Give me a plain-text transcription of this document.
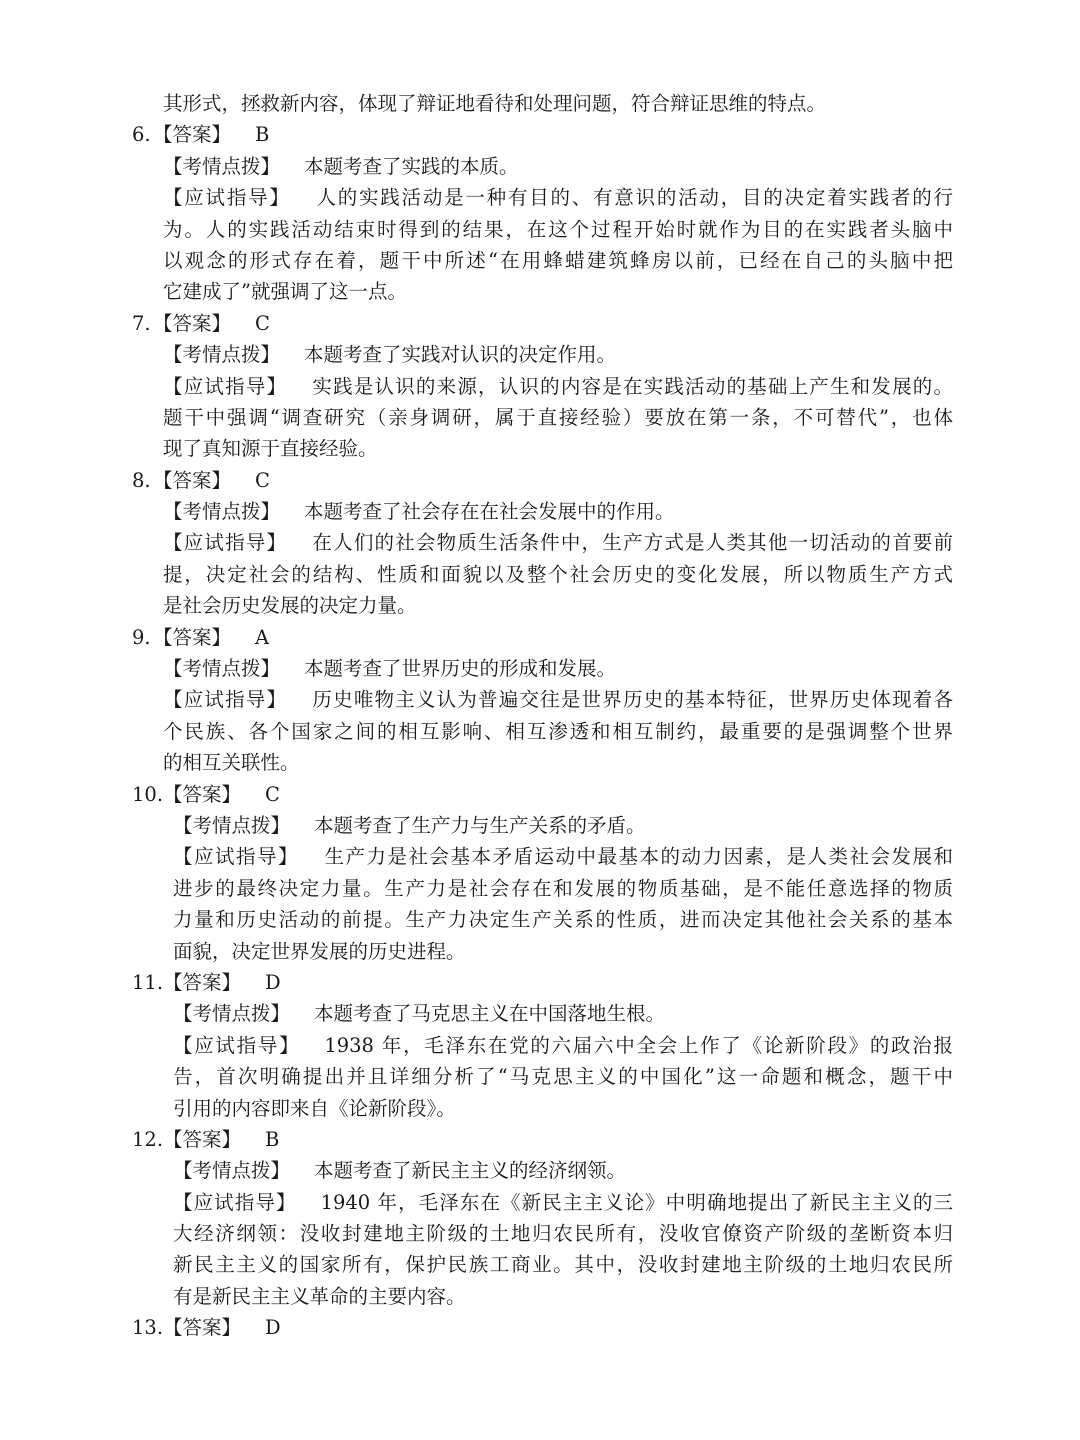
其形式，拯救新内容，体现了辩证地看待和处理问题，符合辩证思维的特点。
6. 【答案】 B
【考情点拨】 本题考查了实践的本质。
【应试指导】 人的实践活动是一种有目的、有意识的活动，目的决定着实践者的行
为。人的实践活动结束时得到的结果，在这个过程开始时就作为目的在实践者头脑中
以观念的形式存在着，题干中所述“在用蜂蜡建筑蜂房以前，已经在自己的头脑中把
它建成了”就强调了这一点。
7. 【答案】 C
【考情点拨】 本题考查了实践对认识的决定作用。
【应试指导】 实践是认识的来源，认识的内容是在实践活动的基础上产生和发展的。
题干中强调“调查研究（亲身调研，属于直接经验）要放在第一条，不可替代”，也体
现了真知源于直接经验。
8. 【答案】 C
【考情点拨】 本题考查了社会存在在社会发展中的作用。
【应试指导】 在人们的社会物质生活条件中，生产方式是人类其他一切活动的首要前
提，决定社会的结构、性质和面貌以及整个社会历史的变化发展，所以物质生产方式
是社会历史发展的决定力量。
9. 【答案】 A
【考情点拨】 本题考查了世界历史的形成和发展。
【应试指导】 历史唯物主义认为普遍交往是世界历史的基本特征，世界历史体现着各
个民族、各个国家之间的相互影响、相互渗透和相互制约，最重要的是强调整个世界
的相互关联性。
10.【答案】 C
【考情点拨】 本题考查了生产力与生产关系的矛盾。
【应试指导】 生产力是社会基本矛盾运动中最基本的动力因素，是人类社会发展和
进步的最终决定力量。生产力是社会存在和发展的物质基础，是不能任意选择的物质
力量和历史活动的前提。生产力决定生产关系的性质，进而决定其他社会关系的基本
面貌，决定世界发展的历史进程。
11.【答案】 D
【考情点拨】 本题考查了马克思主义在中国落地生根。
【应试指导】 1938 年，毛泽东在党的六届六中全会上作了《论新阶段》的政治报
告，首次明确提出并且详细分析了“马克思主义的中国化”这一命题和概念，题干中
引用的内容即来自《论新阶段》。
12.【答案】 B
【考情点拨】 本题考查了新民主主义的经济纲领。
【应试指导】 1940 年，毛泽东在《新民主主义论》中明确地提出了新民主主义的三
大经济纲领：没收封建地主阶级的土地归农民所有，没收官僚资产阶级的垄断资本归
新民主主义的国家所有，保护民族工商业。其中，没收封建地主阶级的土地归农民所
有是新民主主义革命的主要内容。
13.【答案】 D
